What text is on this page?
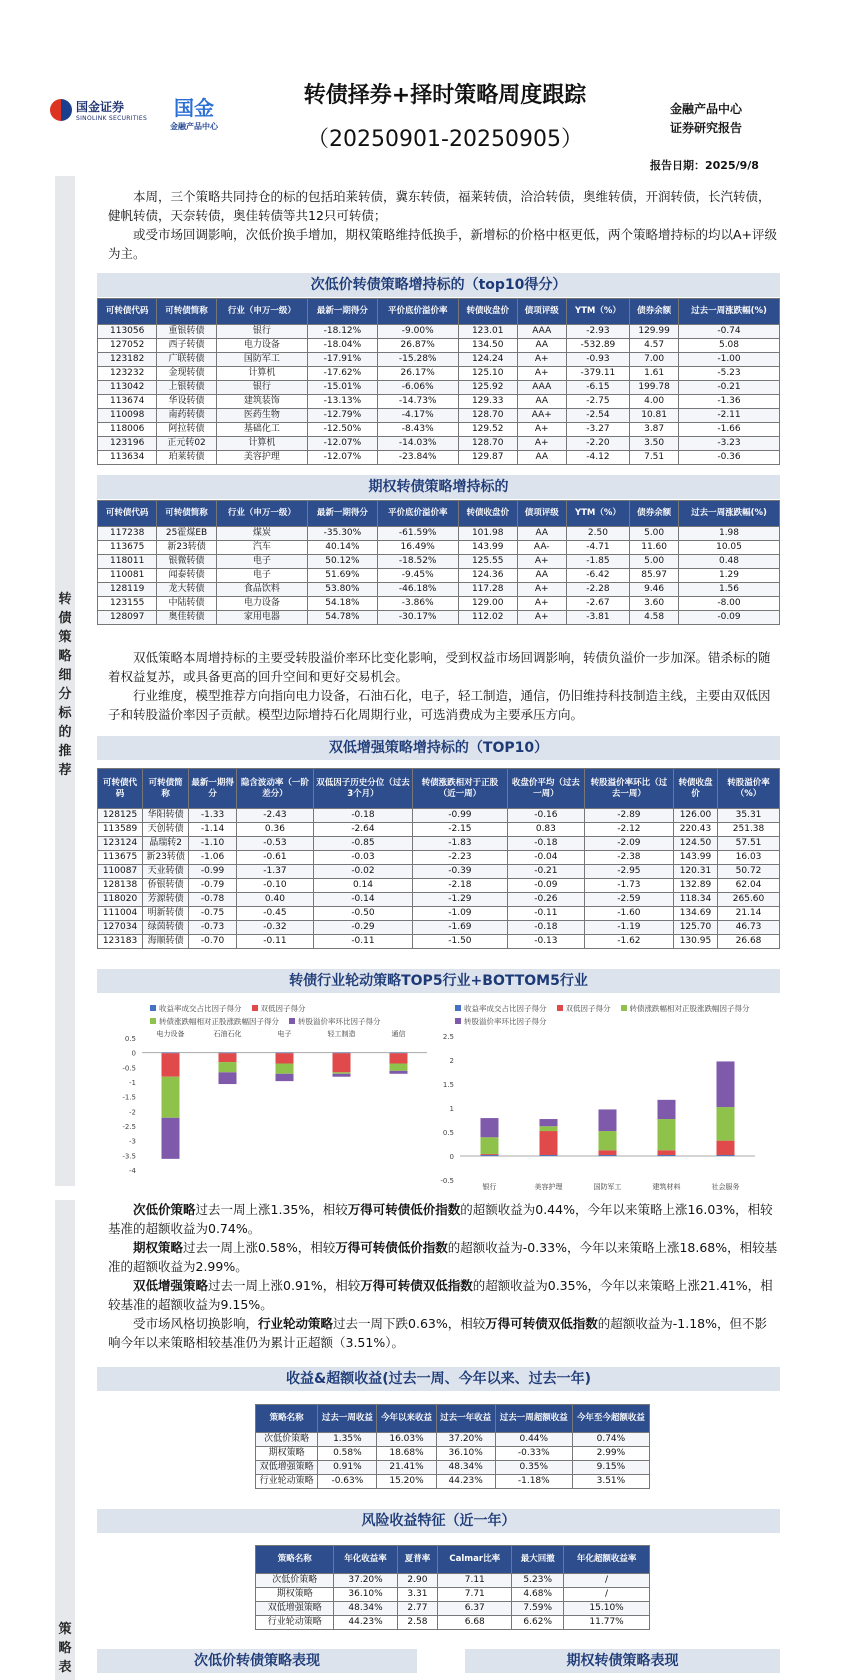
国金证券
SINOLINK SECURITIES 国金
金融产品中心
转债择券+择时策略周度跟踪
（20250901-20250905）
金融产品中心
证券研究报告
报告日期：2025/9/8
转债策略细分标的推荐
策略表

本周，三个策略共同持仓的标的包括珀莱转债，冀东转债，福莱转债，洽洽转债，奥维转债，开润转债，长汽转债，健帆转债，天奈转债，奥佳转债等共12只可转债；

或受市场回调影响，次低价换手增加，期权策略维持低换手，新增标的价格中枢更低，两个策略增持标的均以A+评级为主。

次低价转债策略增持标的（top10得分）
可转债代码	可转债简称	行业（申万一级）	最新一期得分	平价底价溢价率	转债收盘价	债项评级	YTM（%）	债券余额	过去一周涨跌幅(%)
113056	重银转债	银行	-18.12%	-9.00%	123.01	AAA	-2.93	129.99	-0.74
127052	西子转债	电力设备	-18.04%	26.87%	134.50	AA	-532.89	4.57	5.08
123182	广联转债	国防军工	-17.91%	-15.28%	124.24	A+	-0.93	7.00	-1.00
123232	金现转债	计算机	-17.62%	26.17%	125.10	A+	-379.11	1.61	-5.23
113042	上银转债	银行	-15.01%	-6.06%	125.92	AAA	-6.15	199.78	-0.21
113674	华设转债	建筑装饰	-13.13%	-14.73%	129.33	AA	-2.75	4.00	-1.36
110098	南药转债	医药生物	-12.79%	-4.17%	128.70	AA+	-2.54	10.81	-2.11
118006	阿拉转债	基础化工	-12.50%	-8.43%	129.52	A+	-3.27	3.87	-1.66
123196	正元转02	计算机	-12.07%	-14.03%	128.70	A+	-2.20	3.50	-3.23
113634	珀莱转债	美容护理	-12.07%	-23.84%	129.87	AA	-4.12	7.51	-0.36
期权转债策略增持标的
可转债代码	可转债简称	行业（申万一级）	最新一期得分	平价底价溢价率	转债收盘价	债项评级	YTM（%）	债券余额	过去一周涨跌幅(%)
117238	25霍煤EB	煤炭	-35.30%	-61.59%	101.98	AA	2.50	5.00	1.98
113675	新23转债	汽车	40.14%	16.49%	143.99	AA-	-4.71	11.60	10.05
118011	银微转债	电子	50.12%	-18.52%	125.55	A+	-1.85	5.00	0.48
110081	闻泰转债	电子	51.69%	-9.45%	124.36	AA	-6.42	85.97	1.29
128119	龙大转债	食品饮料	53.80%	-46.18%	117.28	A+	-2.28	9.46	1.56
123155	中陆转债	电力设备	54.18%	-3.86%	129.00	A+	-2.67	3.60	-8.00
128097	奥佳转债	家用电器	54.78%	-30.17%	112.02	A+	-3.81	4.58	-0.09

双低策略本周增持标的主要受转股溢价率环比变化影响，受到权益市场回调影响，转债负溢价一步加深。错杀标的随着权益复苏，或具备更高的回升空间和更好交易机会。

行业维度，模型推荐方向指向电力设备，石油石化，电子，轻工制造，通信，仍旧维持科技制造主线，主要由双低因子和转股溢价率因子贡献。模型边际增持石化周期行业，可选消费成为主要承压方向。

双低增强策略增持标的（TOP10）
可转债代码	可转债简称	最新一期得分	隐含波动率（一阶差分）	双低因子历史分位（过去3个月）	转债涨跌相对于正股（近一周）	收盘价平均（过去一周）	转股溢价率环比（过去一周）	转债收盘价	转股溢价率（%）
128125	华阳转债	-1.33	-2.43	-0.18	-0.99	-0.16	-2.89	126.00	35.31
113589	天创转债	-1.14	0.36	-2.64	-2.15	0.83	-2.12	220.43	251.38
123124	晶瑞转2	-1.10	-0.53	-0.85	-1.83	-0.18	-2.09	124.50	57.51
113675	新23转债	-1.06	-0.61	-0.03	-2.23	-0.04	-2.38	143.99	16.03
110087	天业转债	-0.99	-1.37	-0.02	-0.39	-0.21	-2.95	120.31	50.72
128138	侨银转债	-0.79	-0.10	0.14	-2.18	-0.09	-1.73	132.89	62.04
118020	芳源转债	-0.78	0.40	-0.14	-1.29	-0.26	-2.59	118.34	265.60
111004	明新转债	-0.75	-0.45	-0.50	-1.09	-0.11	-1.60	134.69	21.14
127034	绿茵转债	-0.73	-0.32	-0.29	-1.69	-0.18	-1.19	125.70	46.73
123183	海顺转债	-0.70	-0.11	-0.11	-1.50	-0.13	-1.62	130.95	26.68
转债行业轮动策略TOP5行业+BOTTOM5行业
收益率成交占比因子得分	双低因子得分
转债涨跌幅相对正股涨跌幅因子得分	转股溢价率环比因子得分
收益率成交占比因子得分	双低因子得分	转债涨跌幅相对正股涨跌幅因子得分
转股溢价率环比因子得分
0.5
0
-0.5
-1
-1.5
-2
-2.5
-3
-3.5
-4
电力设备	石油石化	电子	轻工制造	通信	2.5
2
1.5
1
0.5
0
-0.5
银行	美容护理	国防军工	建筑材料	社会服务

次低价策略过去一周上涨1.35%，相较万得可转债低价指数的超额收益为0.44%，今年以来策略上涨16.03%，相较基准的超额收益为0.74%。

期权策略过去一周上涨0.58%，相较万得可转债低价指数的超额收益为-0.33%，今年以来策略上涨18.68%，相较基准的超额收益为2.99%。

双低增强策略过去一周上涨0.91%，相较万得可转债双低指数的超额收益为0.35%，今年以来策略上涨21.41%，相较基准的超额收益为9.15%。

受市场风格切换影响，行业轮动策略过去一周下跌0.63%，相较万得可转债双低指数的超额收益为-1.18%，但不影响今年以来策略相较基准仍为累计正超额（3.51%）。

收益&超额收益(过去一周、今年以来、过去一年)
策略名称	过去一周收益	今年以来收益	过去一年收益	过去一周超额收益	今年至今超额收益
次低价策略	1.35%	16.03%	37.20%	0.44%	0.74%
期权策略	0.58%	18.68%	36.10%	-0.33%	2.99%
双低增强策略	0.91%	21.41%	48.34%	0.35%	9.15%
行业轮动策略	-0.63%	15.20%	44.23%	-1.18%	3.51%
风险收益特征（近一年）
策略名称	年化收益率	夏普率	Calmar比率	最大回撤	年化超额收益率
次低价策略	37.20%	2.90	7.11	5.23%	/
期权策略	36.10%	3.31	7.71	4.68%	/
双低增强策略	48.34%	2.77	6.37	7.59%	15.10%
行业轮动策略	44.23%	2.58	6.68	6.62%	11.77%
次低价转债策略表现	期权转债策略表现
